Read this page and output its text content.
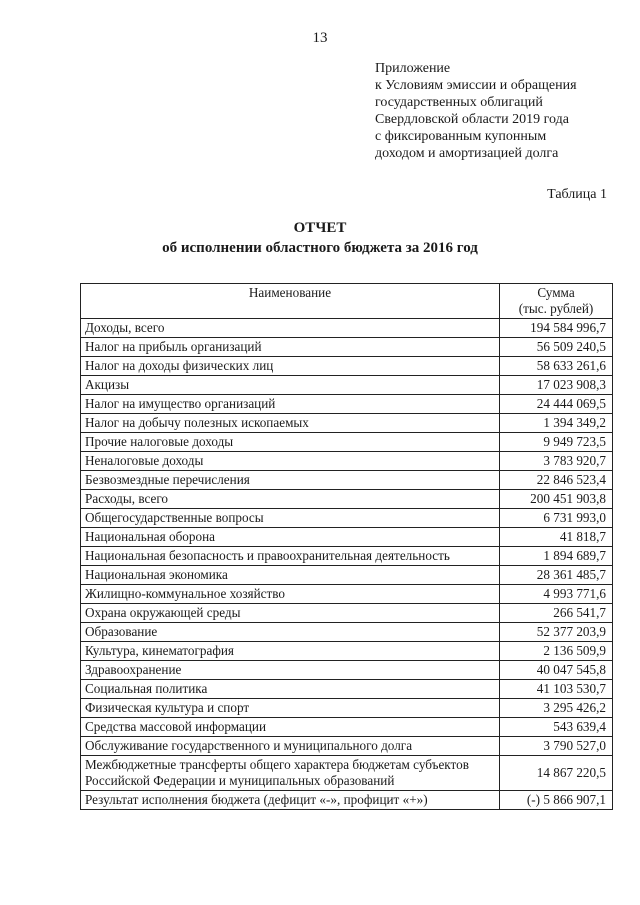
13
Приложение
к Условиям эмиссии и обращения
государственных облигаций
Свердловской области 2019 года
с фиксированным купонным
доходом и амортизацией долга
Таблица 1
ОТЧЕТ
об исполнении областного бюджета за 2016 год
Наименование	Сумма
(тыс. рублей)

Доходы, всего	194 584 996,7
Налог на прибыль организаций	56 509 240,5
Налог на доходы физических лиц	58 633 261,6
Акцизы	17 023 908,3
Налог на имущество организаций	24 444 069,5
Налог на добычу полезных ископаемых	1 394 349,2
Прочие налоговые доходы	9 949 723,5
Неналоговые доходы	3 783 920,7
Безвозмездные перечисления	22 846 523,4
Расходы, всего	200 451 903,8
Общегосударственные вопросы	6 731 993,0
Национальная оборона	41 818,7
Национальная безопасность и правоохранительная деятельность	1 894 689,7
Национальная экономика	28 361 485,7
Жилищно-коммунальное хозяйство	4 993 771,6
Охрана окружающей среды	266 541,7
Образование	52 377 203,9
Культура, кинематография	2 136 509,9
Здравоохранение	40 047 545,8
Социальная политика	41 103 530,7
Физическая культура и спорт	3 295 426,2
Средства массовой информации	543 639,4
Обслуживание государственного и муниципального долга	3 790 527,0
Межбюджетные трансферты общего характера бюджетам субъектов Российской Федерации и муниципальных образований	14 867 220,5
Результат исполнения бюджета (дефицит «-», профицит «+»)	(-) 5 866 907,1
